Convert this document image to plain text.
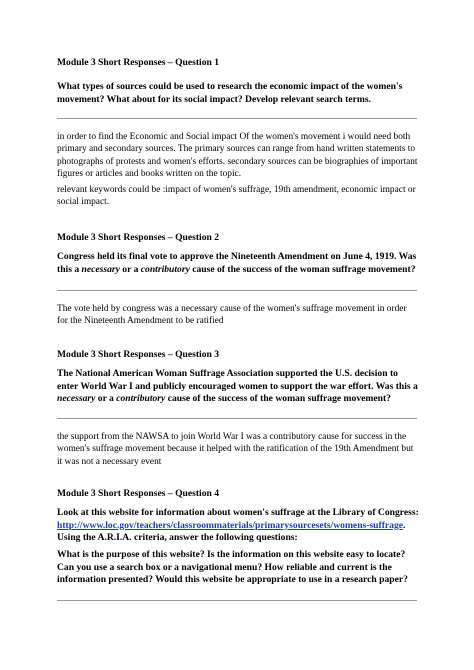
Module 3 Short Responses – Question 1

What types of sources could be used to research the economic impact of the women's movement? What about for its social impact? Develop relevant search terms.

in order to find the Economic and Social impact Of the women's movement i would need both primary and secondary sources. The primary sources can range from hand written statements to photographs of protests and women's efforts. secondary sources can be biographies of important figures or articles and books written on the topic.

relevant keywords could be :impact of women's suffrage, 19th amendment, economic impact or social impact.

Module 3 Short Responses – Question 2

Congress held its final vote to approve the Nineteenth Amendment on June 4, 1919. Was this a necessary or a contributory cause of the success of the woman suffrage movement?

The vote held by congress was a necessary cause of the women's suffrage movement in order for the Nineteenth Amendment to be ratified

Module 3 Short Responses – Question 3

The National American Woman Suffrage Association supported the U.S. decision to enter World War I and publicly encouraged women to support the war effort. Was this a necessary or a contributory cause of the success of the woman suffrage movement?

the support from the NAWSA to join World War I was a contributory cause for success in the women's suffrage movement because it helped with the ratification of the 19th Amendment but it was not a necessary event

Module 3 Short Responses – Question 4

Look at this website for information about women's suffrage at the Library of Congress: http://www.loc.gov/teachers/classroommaterials/primarysourcesets/womens-suffrage. Using the A.R.I.A. criteria, answer the following questions:

What is the purpose of this website? Is the information on this website easy to locate? Can you use a search box or a navigational menu? How reliable and current is the information presented? Would this website be appropriate to use in a research paper?
